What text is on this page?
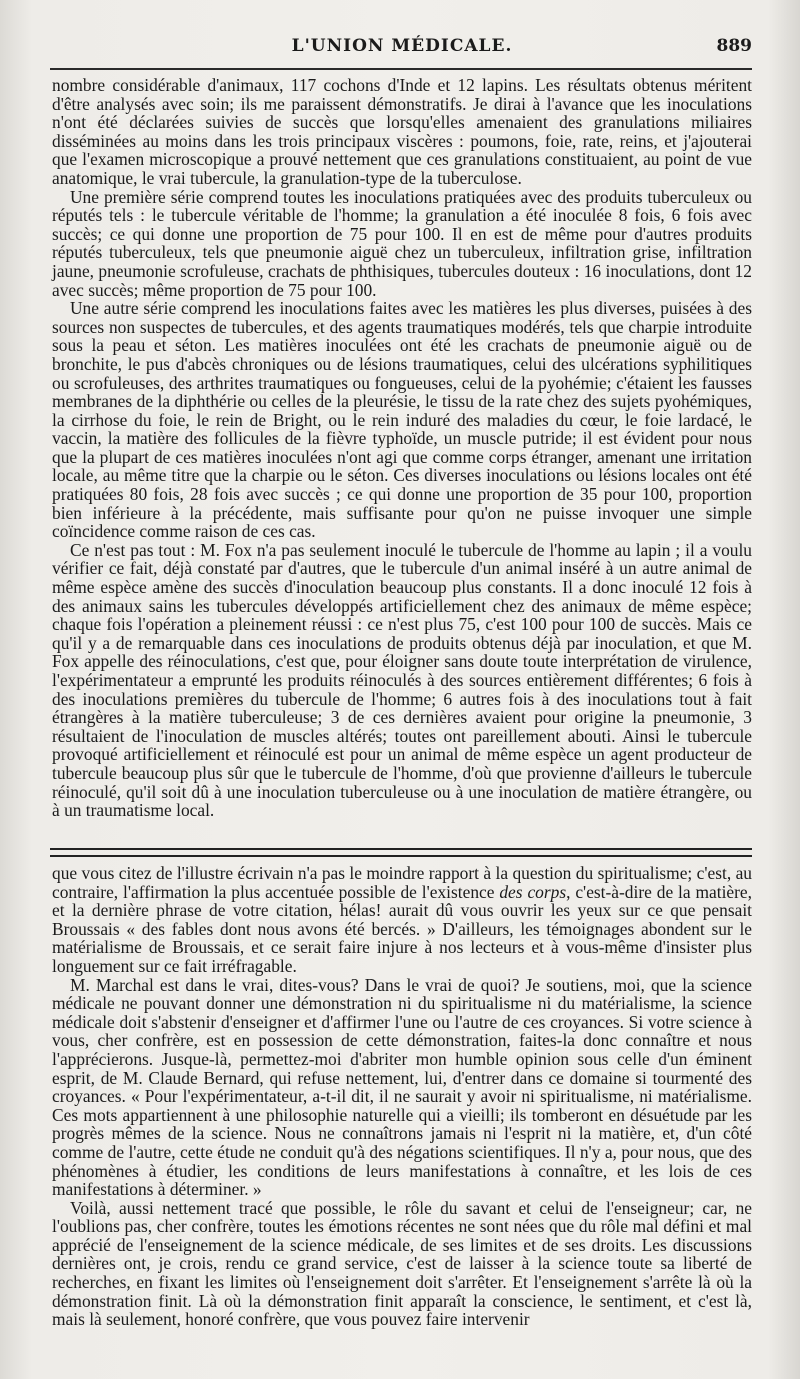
L'UNION MÉDICALE.	889

nombre considérable d'animaux, 117 cochons d'Inde et 12 lapins. Les résultats obtenus méritent d'être analysés avec soin; ils me paraissent démonstratifs. Je dirai à l'avance que les inoculations n'ont été déclarées suivies de succès que lorsqu'elles amenaient des granulations miliaires disséminées au moins dans les trois principaux viscères : poumons, foie, rate, reins, et j'ajouterai que l'examen microscopique a prouvé nettement que ces granulations constituaient, au point de vue anatomique, le vrai tubercule, la granulation-type de la tuberculose.

Une première série comprend toutes les inoculations pratiquées avec des produits tuberculeux ou réputés tels : le tubercule véritable de l'homme; la granulation a été inoculée 8 fois, 6 fois avec succès; ce qui donne une proportion de 75 pour 100. Il en est de même pour d'autres produits réputés tuberculeux, tels que pneumonie aiguë chez un tuberculeux, infiltration grise, infiltration jaune, pneumonie scrofuleuse, crachats de phthisiques, tubercules douteux : 16 inoculations, dont 12 avec succès; même proportion de 75 pour 100.

Une autre série comprend les inoculations faites avec les matières les plus diverses, puisées à des sources non suspectes de tubercules, et des agents traumatiques modérés, tels que charpie introduite sous la peau et séton. Les matières inoculées ont été les crachats de pneumonie aiguë ou de bronchite, le pus d'abcès chroniques ou de lésions traumatiques, celui des ulcérations syphilitiques ou scrofuleuses, des arthrites traumatiques ou fongueuses, celui de la pyohémie; c'étaient les fausses membranes de la diphthérie ou celles de la pleurésie, le tissu de la rate chez des sujets pyohémiques, la cirrhose du foie, le rein de Bright, ou le rein induré des maladies du cœur, le foie lardacé, le vaccin, la matière des follicules de la fièvre typhoïde, un muscle putride; il est évident pour nous que la plupart de ces matières inoculées n'ont agi que comme corps étranger, amenant une irritation locale, au même titre que la charpie ou le séton. Ces diverses inoculations ou lésions locales ont été pratiquées 80 fois, 28 fois avec succès ; ce qui donne une proportion de 35 pour 100, proportion bien inférieure à la précédente, mais suffisante pour qu'on ne puisse invoquer une simple coïncidence comme raison de ces cas.

Ce n'est pas tout : M. Fox n'a pas seulement inoculé le tubercule de l'homme au lapin ; il a voulu vérifier ce fait, déjà constaté par d'autres, que le tubercule d'un animal inséré à un autre animal de même espèce amène des succès d'inoculation beaucoup plus constants. Il a donc inoculé 12 fois à des animaux sains les tubercules développés artificiellement chez des animaux de même espèce; chaque fois l'opération a pleinement réussi : ce n'est plus 75, c'est 100 pour 100 de succès. Mais ce qu'il y a de remarquable dans ces inoculations de produits obtenus déjà par inoculation, et que M. Fox appelle des réinoculations, c'est que, pour éloigner sans doute toute interprétation de virulence, l'expérimentateur a emprunté les produits réinoculés à des sources entièrement différentes; 6 fois à des inoculations premières du tubercule de l'homme; 6 autres fois à des inoculations tout à fait étrangères à la matière tuberculeuse; 3 de ces dernières avaient pour origine la pneumonie, 3 résultaient de l'inoculation de muscles altérés; toutes ont pareillement abouti. Ainsi le tubercule provoqué artificiellement et réinoculé est pour un animal de même espèce un agent producteur de tubercule beaucoup plus sûr que le tubercule de l'homme, d'où que provienne d'ailleurs le tubercule réinoculé, qu'il soit dû à une inoculation tuberculeuse ou à une inoculation de matière étrangère, ou à un traumatisme local.

que vous citez de l'illustre écrivain n'a pas le moindre rapport à la question du spiritualisme; c'est, au contraire, l'affirmation la plus accentuée possible de l'existence des corps, c'est-à-dire de la matière, et la dernière phrase de votre citation, hélas! aurait dû vous ouvrir les yeux sur ce que pensait Broussais « des fables dont nous avons été bercés. » D'ailleurs, les témoignages abondent sur le matérialisme de Broussais, et ce serait faire injure à nos lecteurs et à vous-même d'insister plus longuement sur ce fait irréfragable.

M. Marchal est dans le vrai, dites-vous? Dans le vrai de quoi? Je soutiens, moi, que la science médicale ne pouvant donner une démonstration ni du spiritualisme ni du matérialisme, la science médicale doit s'abstenir d'enseigner et d'affirmer l'une ou l'autre de ces croyances. Si votre science à vous, cher confrère, est en possession de cette démonstration, faites-la donc connaître et nous l'apprécierons. Jusque-là, permettez-moi d'abriter mon humble opinion sous celle d'un éminent esprit, de M. Claude Bernard, qui refuse nettement, lui, d'entrer dans ce domaine si tourmenté des croyances. « Pour l'expérimentateur, a-t-il dit, il ne saurait y avoir ni spiritualisme, ni matérialisme. Ces mots appartiennent à une philosophie naturelle qui a vieilli; ils tomberont en désuétude par les progrès mêmes de la science. Nous ne connaîtrons jamais ni l'esprit ni la matière, et, d'un côté comme de l'autre, cette étude ne conduit qu'à des négations scientifiques. Il n'y a, pour nous, que des phénomènes à étudier, les conditions de leurs manifestations à connaître, et les lois de ces manifestations à déterminer. »

Voilà, aussi nettement tracé que possible, le rôle du savant et celui de l'enseigneur; car, ne l'oublions pas, cher confrère, toutes les émotions récentes ne sont nées que du rôle mal défini et mal apprécié de l'enseignement de la science médicale, de ses limites et de ses droits. Les discussions dernières ont, je crois, rendu ce grand service, c'est de laisser à la science toute sa liberté de recherches, en fixant les limites où l'enseignement doit s'arrêter. Et l'enseignement s'arrête là où la démonstration finit. Là où la démonstration finit apparaît la conscience, le sentiment, et c'est là, mais là seulement, honoré confrère, que vous pouvez faire intervenir
